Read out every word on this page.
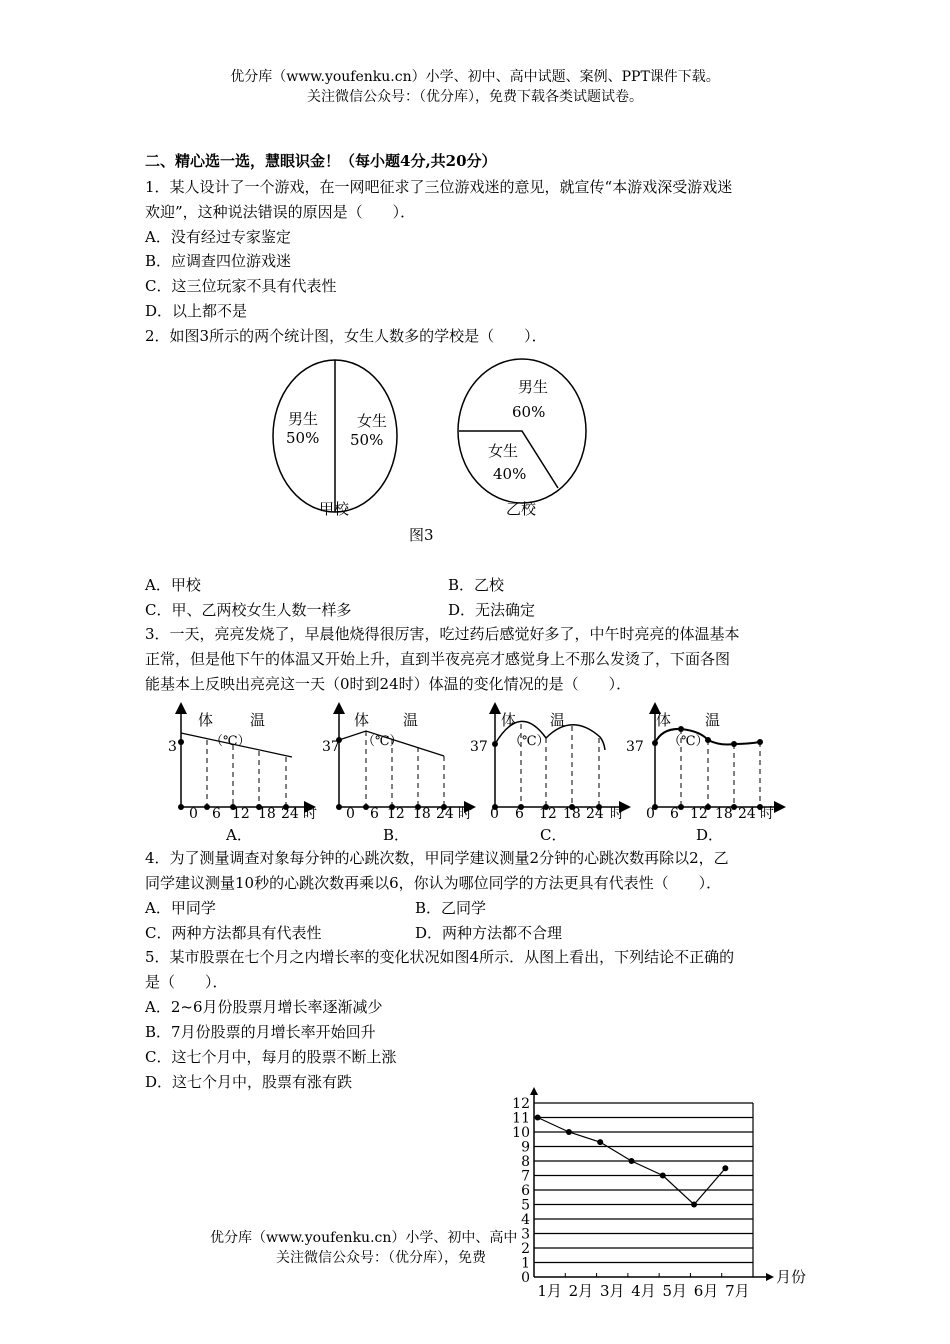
优分库（www.youfenku.cn）小学、初中、高中试题、案例、PPT课件下载。
关注微信公众号：（优分库），免费下载各类试题试卷。
二、精心选一选，慧眼识金！（每小题4分,共20分）
1．某人设计了一个游戏，在一网吧征求了三位游戏迷的意见，就宣传“本游戏深受游戏迷
欢迎”，这种说法错误的原因是（　　）．
A．没有经过专家鉴定
B．应调查四位游戏迷
C．这三位玩家不具有代表性
D．以上都不是
2．如图3所示的两个统计图，女生人数多的学校是（　　）．
男生
50%
女生
50%
甲校
男生
60%
女生
40%
乙校
图3
A．甲校	B．乙校
C．甲、乙两校女生人数一样多	D．无法确定
3．一天，亮亮发烧了，早晨他烧得很厉害，吃过药后感觉好多了，中午时亮亮的体温基本
正常，但是他下午的体温又开始上升，直到半夜亮亮才感觉身上不那么发烫了，下面各图
能基本上反映出亮亮这一天（0时到24时）体温的变化情况的是（　　）．
体 温
（℃）
3
0 6 12 18 24 时
A．
体 温
（℃）
37
0 6 12 18 24 时
B．
体 温
（℃）
37
0 6 12 18 24 时
C．
体 温
（℃）
37
0 6 12 18 24 时
D．
4．为了测量调查对象每分钟的心跳次数，甲同学建议测量2分钟的心跳次数再除以2，乙
同学建议测量10秒的心跳次数再乘以6，你认为哪位同学的方法更具有代表性（　　）．
A．甲同学	B．乙同学
C．两种方法都具有代表性	D．两种方法都不合理
5．某市股票在七个月之内增长率的变化状况如图4所示．从图上看出，下列结论不正确的
是（　　）．
A．2~6月份股票月增长率逐渐减少
B．7月份股票的月增长率开始回升
C．这七个月中，每月的股票不断上涨
D．这七个月中，股票有涨有跌
0
1
2
3
4
5
6
7
8
9
10
11
12
1月 2月 3月 4月 5月 6月 7月
月份
优分库（www.youfenku.cn）小学、初中、高中
关注微信公众号：（优分库），免费
